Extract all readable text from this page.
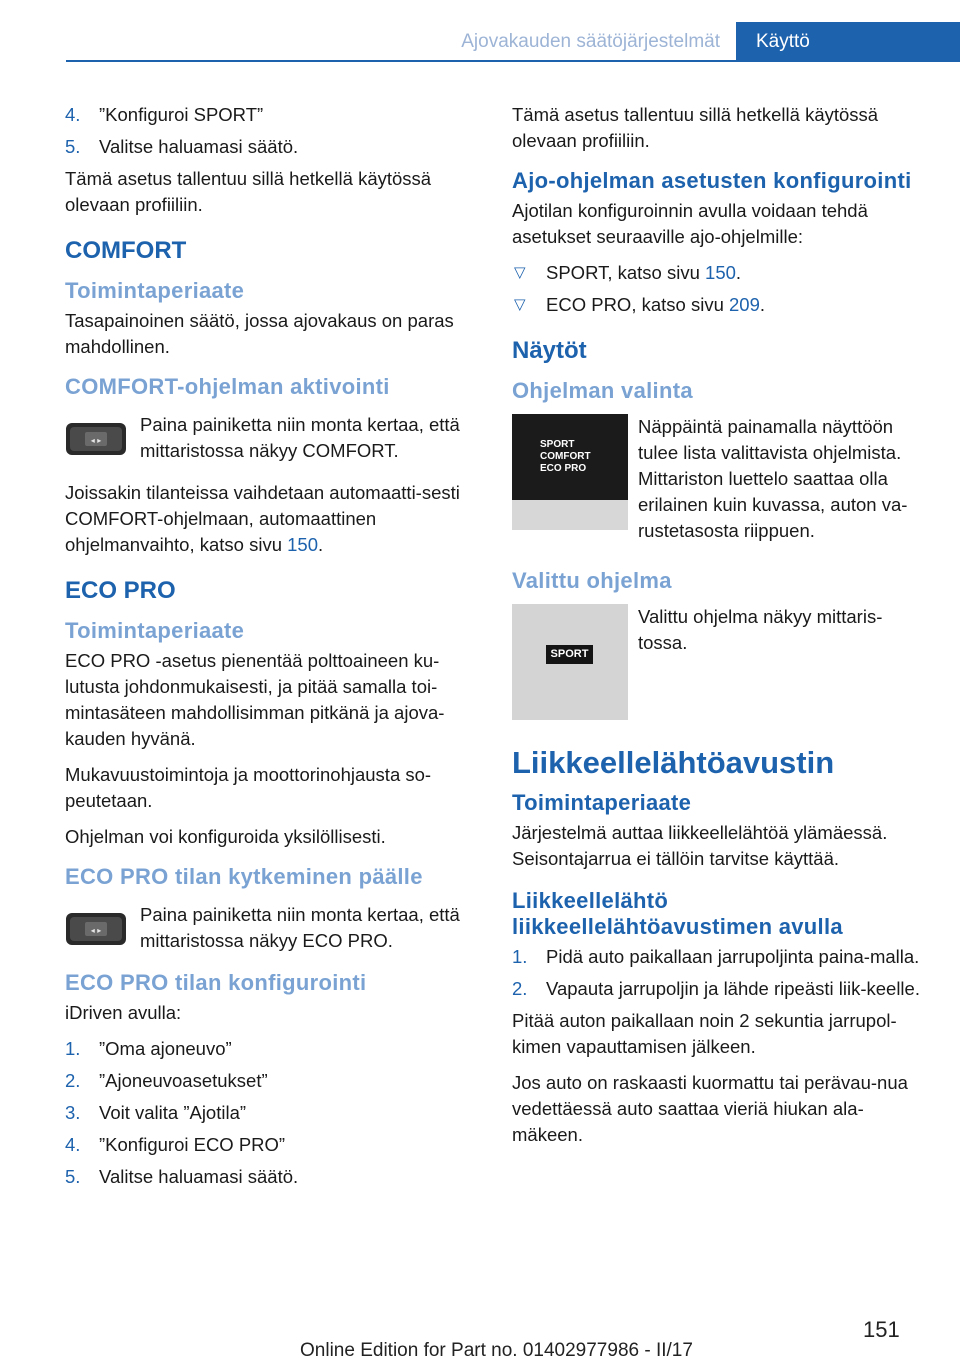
Ajovakauden säätöjärjestelmät	Käyttö
4. ”Konfiguroi SPORT”
5. Valitse haluamasi säätö.

Tämä asetus tallentuu sillä hetkellä käytössä olevaan profiiliin.

COMFORT
Toimintaperiaate

Tasapainoinen säätö, jossa ajovakaus on paras mahdollinen.

COMFORT-ohjelman aktivointi
◂ ▸

Paina painiketta niin monta kertaa, että mittaristossa näkyy COMFORT.

Joissakin tilanteissa vaihdetaan automaatti-sesti COMFORT-ohjelmaan, automaattinen ohjelmanvaihto, katso sivu 150.

ECO PRO
Toimintaperiaate

ECO PRO -asetus pienentää polttoaineen ku-lutusta johdonmukaisesti, ja pitää samalla toi-mintasäteen mahdollisimman pitkänä ja ajova-kauden hyvänä.

Mukavuustoimintoja ja moottorinohjausta so-peutetaan.

Ohjelman voi konfiguroida yksilöllisesti.

ECO PRO tilan kytkeminen päälle
◂ ▸

Paina painiketta niin monta kertaa, että mittaristossa näkyy ECO PRO.

ECO PRO tilan konfigurointi

iDriven avulla:

1. ”Oma ajoneuvo”
2. ”Ajoneuvoasetukset”
3. Voit valita ”Ajotila”
4. ”Konfiguroi ECO PRO”
5. Valitse haluamasi säätö.

Tämä asetus tallentuu sillä hetkellä käytössä olevaan profiiliin.

Ajo-ohjelman asetusten konfigurointi

Ajotilan konfiguroinnin avulla voidaan tehdä asetukset seuraaville ajo-ohjelmille:

▽ SPORT, katso sivu 150.
▽ ECO PRO, katso sivu 209.
Näytöt
Ohjelman valinta
SPORT
COMFORT
ECO PRO

Näppäintä painamalla näyttöön tulee lista valittavista ohjelmista. Mittariston luettelo saattaa olla erilainen kuin kuvassa, auton va-rustetasosta riippuen.

Valittu ohjelma
SPORT

Valittu ohjelma näkyy mittaris-tossa.

Liikkeellelähtöavustin
Toimintaperiaate

Järjestelmä auttaa liikkeellelähtöä ylämäessä. Seisontajarrua ei tällöin tarvitse käyttää.

Liikkeellelähtö liikkeellelähtöavustimen avulla
1. Pidä auto paikallaan jarrupoljinta paina-malla.
2. Vapauta jarrupoljin ja lähde ripeästi liik-keelle.

Pitää auton paikallaan noin 2 sekuntia jarrupol-kimen vapauttamisen jälkeen.

Jos auto on raskaasti kuormattu tai perävau-nua vedettäessä auto saattaa vieriä hiukan ala-mäkeen.

151
Online Edition for Part no. 01402977986 - II/17
